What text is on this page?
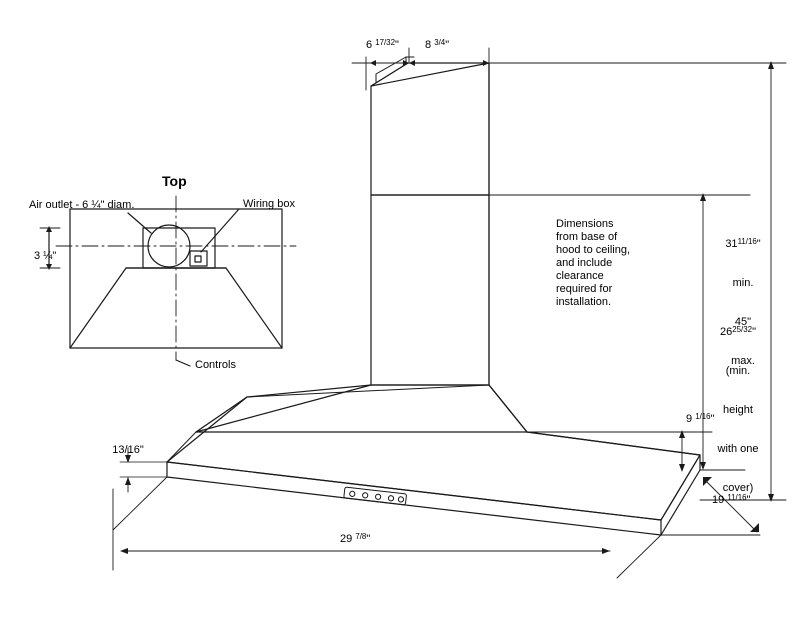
Top
Air outlet - 6 ¼" diam.	Wiring box
Controls
3 ¼"
6 17/32"	8 3/4"
Dimensions
from base of
hood to ceiling,
and include
clearance
required for
installation.

3111/16"

min.

45"

max.

2625/32"

(min.

height

with one

cover)

9 1/16"
19 11/16"
13/16"
29 7/8"
